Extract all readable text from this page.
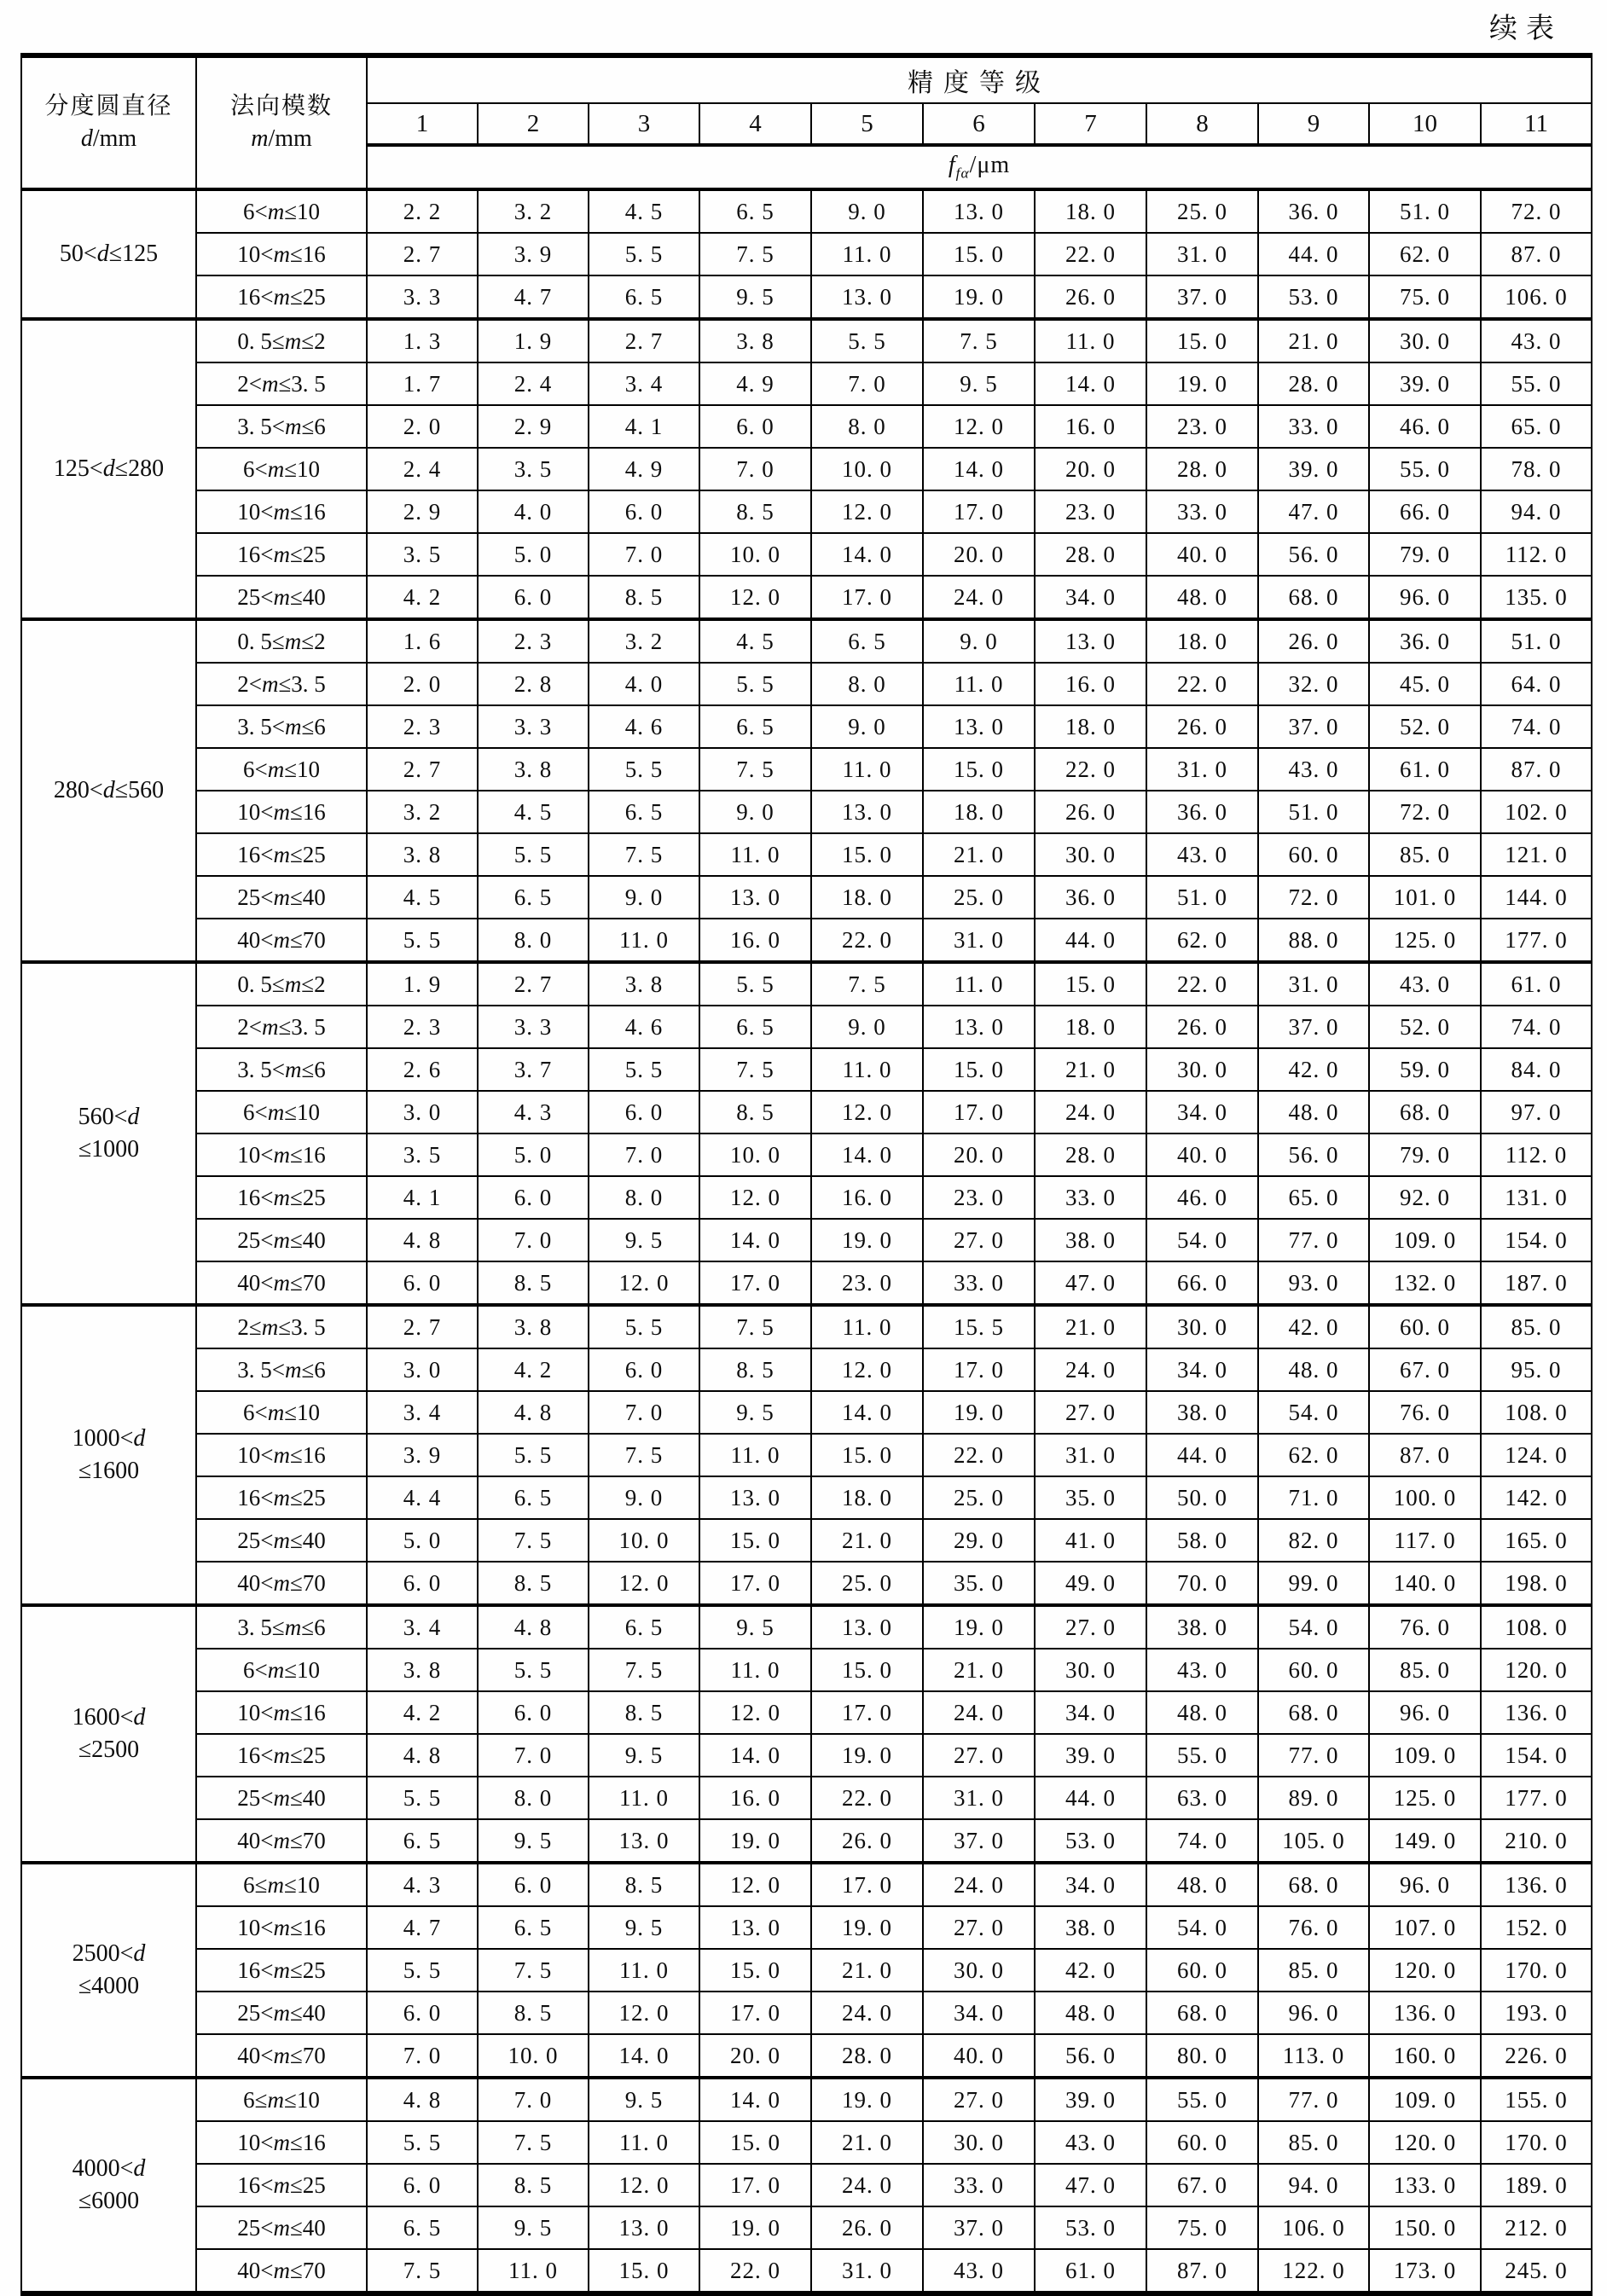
续表
分度圆直径
d/mm

法向模数
m/mm
	精度等级
		1	2	3	4	5	6	7	8	9	10	11
		$f_{f\alpha}/\mu m$										

50<d≤125	6<m≤10	2. 2	3. 2	4. 5	6. 5	9. 0	13. 0	18. 0	25. 0	36. 0	51. 0	72. 0
	10<m≤16	2. 7	3. 9	5. 5	7. 5	11. 0	15. 0	22. 0	31. 0	44. 0	62. 0	87. 0
	16<m≤25	3. 3	4. 7	6. 5	9. 5	13. 0	19. 0	26. 0	37. 0	53. 0	75. 0	106. 0

125<d≤280	0. 5≤m≤2	1. 3	1. 9	2. 7	3. 8	5. 5	7. 5	11. 0	15. 0	21. 0	30. 0	43. 0
	2<m≤3. 5	1. 7	2. 4	3. 4	4. 9	7. 0	9. 5	14. 0	19. 0	28. 0	39. 0	55. 0
	3. 5<m≤6	2. 0	2. 9	4. 1	6. 0	8. 0	12. 0	16. 0	23. 0	33. 0	46. 0	65. 0
	6<m≤10	2. 4	3. 5	4. 9	7. 0	10. 0	14. 0	20. 0	28. 0	39. 0	55. 0	78. 0
	10<m≤16	2. 9	4. 0	6. 0	8. 5	12. 0	17. 0	23. 0	33. 0	47. 0	66. 0	94. 0
	16<m≤25	3. 5	5. 0	7. 0	10. 0	14. 0	20. 0	28. 0	40. 0	56. 0	79. 0	112. 0
	25<m≤40	4. 2	6. 0	8. 5	12. 0	17. 0	24. 0	34. 0	48. 0	68. 0	96. 0	135. 0

280<d≤560	0. 5≤m≤2	1. 6	2. 3	3. 2	4. 5	6. 5	9. 0	13. 0	18. 0	26. 0	36. 0	51. 0
	2<m≤3. 5	2. 0	2. 8	4. 0	5. 5	8. 0	11. 0	16. 0	22. 0	32. 0	45. 0	64. 0
	3. 5<m≤6	2. 3	3. 3	4. 6	6. 5	9. 0	13. 0	18. 0	26. 0	37. 0	52. 0	74. 0
	6<m≤10	2. 7	3. 8	5. 5	7. 5	11. 0	15. 0	22. 0	31. 0	43. 0	61. 0	87. 0
	10<m≤16	3. 2	4. 5	6. 5	9. 0	13. 0	18. 0	26. 0	36. 0	51. 0	72. 0	102. 0
	16<m≤25	3. 8	5. 5	7. 5	11. 0	15. 0	21. 0	30. 0	43. 0	60. 0	85. 0	121. 0
	25<m≤40	4. 5	6. 5	9. 0	13. 0	18. 0	25. 0	36. 0	51. 0	72. 0	101. 0	144. 0
	40<m≤70	5. 5	8. 0	11. 0	16. 0	22. 0	31. 0	44. 0	62. 0	88. 0	125. 0	177. 0

560<d
≤1000	0. 5≤m≤2	1. 9	2. 7	3. 8	5. 5	7. 5	11. 0	15. 0	22. 0	31. 0	43. 0	61. 0
	2<m≤3. 5	2. 3	3. 3	4. 6	6. 5	9. 0	13. 0	18. 0	26. 0	37. 0	52. 0	74. 0
	3. 5<m≤6	2. 6	3. 7	5. 5	7. 5	11. 0	15. 0	21. 0	30. 0	42. 0	59. 0	84. 0
	6<m≤10	3. 0	4. 3	6. 0	8. 5	12. 0	17. 0	24. 0	34. 0	48. 0	68. 0	97. 0
	10<m≤16	3. 5	5. 0	7. 0	10. 0	14. 0	20. 0	28. 0	40. 0	56. 0	79. 0	112. 0
	16<m≤25	4. 1	6. 0	8. 0	12. 0	16. 0	23. 0	33. 0	46. 0	65. 0	92. 0	131. 0
	25<m≤40	4. 8	7. 0	9. 5	14. 0	19. 0	27. 0	38. 0	54. 0	77. 0	109. 0	154. 0
	40<m≤70	6. 0	8. 5	12. 0	17. 0	23. 0	33. 0	47. 0	66. 0	93. 0	132. 0	187. 0

1000<d
≤1600	2≤m≤3. 5	2. 7	3. 8	5. 5	7. 5	11. 0	15. 5	21. 0	30. 0	42. 0	60. 0	85. 0
	3. 5<m≤6	3. 0	4. 2	6. 0	8. 5	12. 0	17. 0	24. 0	34. 0	48. 0	67. 0	95. 0
	6<m≤10	3. 4	4. 8	7. 0	9. 5	14. 0	19. 0	27. 0	38. 0	54. 0	76. 0	108. 0
	10<m≤16	3. 9	5. 5	7. 5	11. 0	15. 0	22. 0	31. 0	44. 0	62. 0	87. 0	124. 0
	16<m≤25	4. 4	6. 5	9. 0	13. 0	18. 0	25. 0	35. 0	50. 0	71. 0	100. 0	142. 0
	25<m≤40	5. 0	7. 5	10. 0	15. 0	21. 0	29. 0	41. 0	58. 0	82. 0	117. 0	165. 0
	40<m≤70	6. 0	8. 5	12. 0	17. 0	25. 0	35. 0	49. 0	70. 0	99. 0	140. 0	198. 0

1600<d
≤2500	3. 5≤m≤6	3. 4	4. 8	6. 5	9. 5	13. 0	19. 0	27. 0	38. 0	54. 0	76. 0	108. 0
	6<m≤10	3. 8	5. 5	7. 5	11. 0	15. 0	21. 0	30. 0	43. 0	60. 0	85. 0	120. 0
	10<m≤16	4. 2	6. 0	8. 5	12. 0	17. 0	24. 0	34. 0	48. 0	68. 0	96. 0	136. 0
	16<m≤25	4. 8	7. 0	9. 5	14. 0	19. 0	27. 0	39. 0	55. 0	77. 0	109. 0	154. 0
	25<m≤40	5. 5	8. 0	11. 0	16. 0	22. 0	31. 0	44. 0	63. 0	89. 0	125. 0	177. 0
	40<m≤70	6. 5	9. 5	13. 0	19. 0	26. 0	37. 0	53. 0	74. 0	105. 0	149. 0	210. 0

2500<d
≤4000	6≤m≤10	4. 3	6. 0	8. 5	12. 0	17. 0	24. 0	34. 0	48. 0	68. 0	96. 0	136. 0
	10<m≤16	4. 7	6. 5	9. 5	13. 0	19. 0	27. 0	38. 0	54. 0	76. 0	107. 0	152. 0
	16<m≤25	5. 5	7. 5	11. 0	15. 0	21. 0	30. 0	42. 0	60. 0	85. 0	120. 0	170. 0
	25<m≤40	6. 0	8. 5	12. 0	17. 0	24. 0	34. 0	48. 0	68. 0	96. 0	136. 0	193. 0
	40<m≤70	7. 0	10. 0	14. 0	20. 0	28. 0	40. 0	56. 0	80. 0	113. 0	160. 0	226. 0

4000<d
≤6000	6≤m≤10	4. 8	7. 0	9. 5	14. 0	19. 0	27. 0	39. 0	55. 0	77. 0	109. 0	155. 0
	10<m≤16	5. 5	7. 5	11. 0	15. 0	21. 0	30. 0	43. 0	60. 0	85. 0	120. 0	170. 0
	16<m≤25	6. 0	8. 5	12. 0	17. 0	24. 0	33. 0	47. 0	67. 0	94. 0	133. 0	189. 0
	25<m≤40	6. 5	9. 5	13. 0	19. 0	26. 0	37. 0	53. 0	75. 0	106. 0	150. 0	212. 0
	40<m≤70	7. 5	11. 0	15. 0	22. 0	31. 0	43. 0	61. 0	87. 0	122. 0	173. 0	245. 0
